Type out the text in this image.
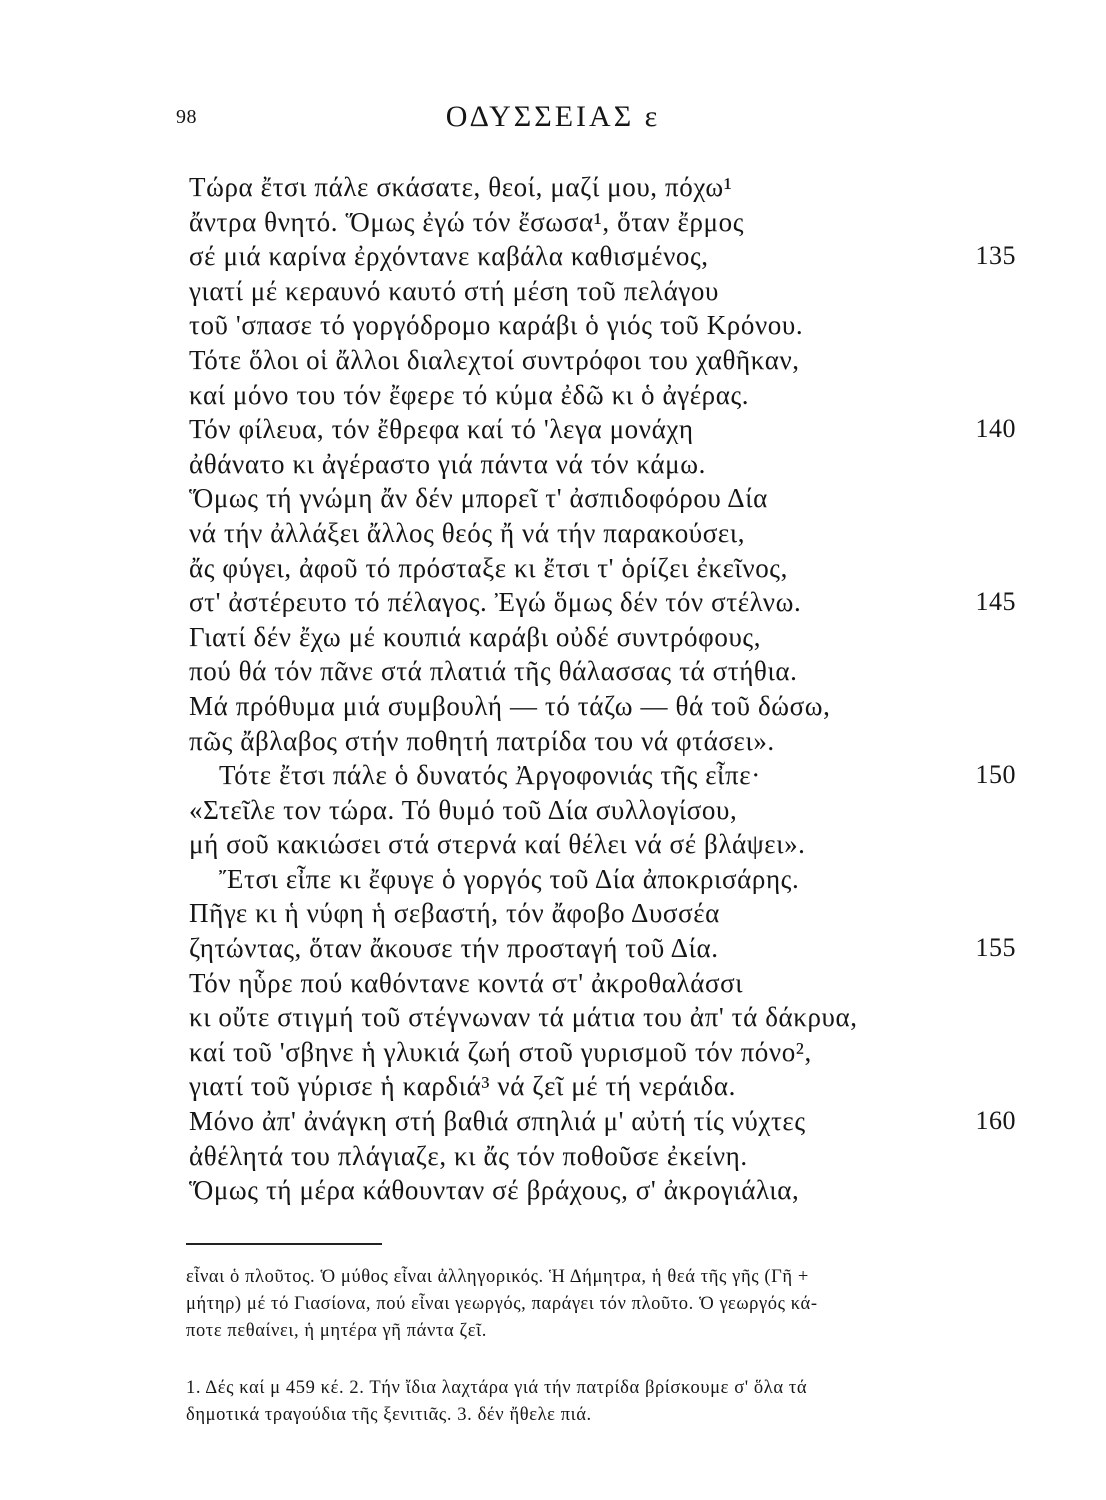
98	ΟΔΥΣΣΕΙΑΣ ε
Τώρα ἔτσι πάλε σκάσατε, θεοί, μαζί μου, πόχω¹
ἄντρα θνητό. Ὅμως ἐγώ τόν ἔσωσα¹, ὅταν ἔρμος
σέ μιά καρίνα ἐρχόντανε καβάλα καθισμένος,	135
γιατί μέ κεραυνό καυτό στή μέση τοῦ πελάγου
τοῦ 'σπασε τό γοργόδρομο καράβι ὁ γιός τοῦ Κρόνου.
Τότε ὅλοι οἱ ἄλλοι διαλεχτοί συντρόφοι του χαθῆκαν,
καί μόνο του τόν ἔφερε τό κύμα ἐδῶ κι ὁ ἀγέρας.
Τόν φίλευα, τόν ἔθρεφα καί τό 'λεγα μονάχη	140
ἀθάνατο κι ἀγέραστο γιά πάντα νά τόν κάμω.
Ὅμως τή γνώμη ἄν δέν μπορεῖ τ' ἀσπιδοφόρου Δία
νά τήν ἀλλάξει ἄλλος θεός ἤ νά τήν παρακούσει,
ἄς φύγει, ἀφοῦ τό πρόσταξε κι ἔτσι τ' ὁρίζει ἐκεῖνος,
στ' ἀστέρευτο τό πέλαγος. Ἐγώ ὅμως δέν τόν στέλνω.	145
Γιατί δέν ἔχω μέ κουπιά καράβι οὐδέ συντρόφους,
πού θά τόν πᾶνε στά πλατιά τῆς θάλασσας τά στήθια.
Μά πρόθυμα μιά συμβουλή — τό τάζω — θά τοῦ δώσω,
πῶς ἄβλαβος στήν ποθητή πατρίδα του νά φτάσει».
Τότε ἔτσι πάλε ὁ δυνατός Ἀργοφονιάς τῆς εἶπε·	150
«Στεῖλε τον τώρα. Τό θυμό τοῦ Δία συλλογίσου,
μή σοῦ κακιώσει στά στερνά καί θέλει νά σέ βλάψει».
Ἔτσι εἶπε κι ἔφυγε ὁ γοργός τοῦ Δία ἀποκρισάρης.
Πῆγε κι ἡ νύφη ἡ σεβαστή, τόν ἄφοβο Δυσσέα
ζητώντας, ὅταν ἄκουσε τήν προσταγή τοῦ Δία.	155
Τόν ηὗρε πού καθόντανε κοντά στ' ἀκροθαλάσσι
κι οὔτε στιγμή τοῦ στέγνωναν τά μάτια του ἀπ' τά δάκρυα,
καί τοῦ 'σβηνε ἡ γλυκιά ζωή στοῦ γυρισμοῦ τόν πόνο²,
γιατί τοῦ γύρισε ἡ καρδιά³ νά ζεῖ μέ τή νεράιδα.
Μόνο ἀπ' ἀνάγκη στή βαθιά σπηλιά μ' αὐτή τίς νύχτες	160
ἀθέλητά του πλάγιαζε, κι ἄς τόν ποθοῦσε ἐκείνη.
Ὅμως τή μέρα κάθουνταν σέ βράχους, σ' ἀκρογιάλια,
εἶναι ὁ πλοῦτος. Ὁ μύθος εἶναι ἀλληγορικός. Ἡ Δήμητρα, ἡ θεά τῆς γῆς (Γῆ +
μήτηρ) μέ τό Γιασίονα, πού εἶναι γεωργός, παράγει τόν πλοῦτο. Ὁ γεωργός κά-
ποτε πεθαίνει, ἡ μητέρα γῆ πάντα ζεῖ.
1. Δές καί μ 459 κέ. 2. Τήν ἴδια λαχτάρα γιά τήν πατρίδα βρίσκουμε σ' ὅλα τά
δημοτικά τραγούδια τῆς ξενιτιᾶς. 3. δέν ἤθελε πιά.
